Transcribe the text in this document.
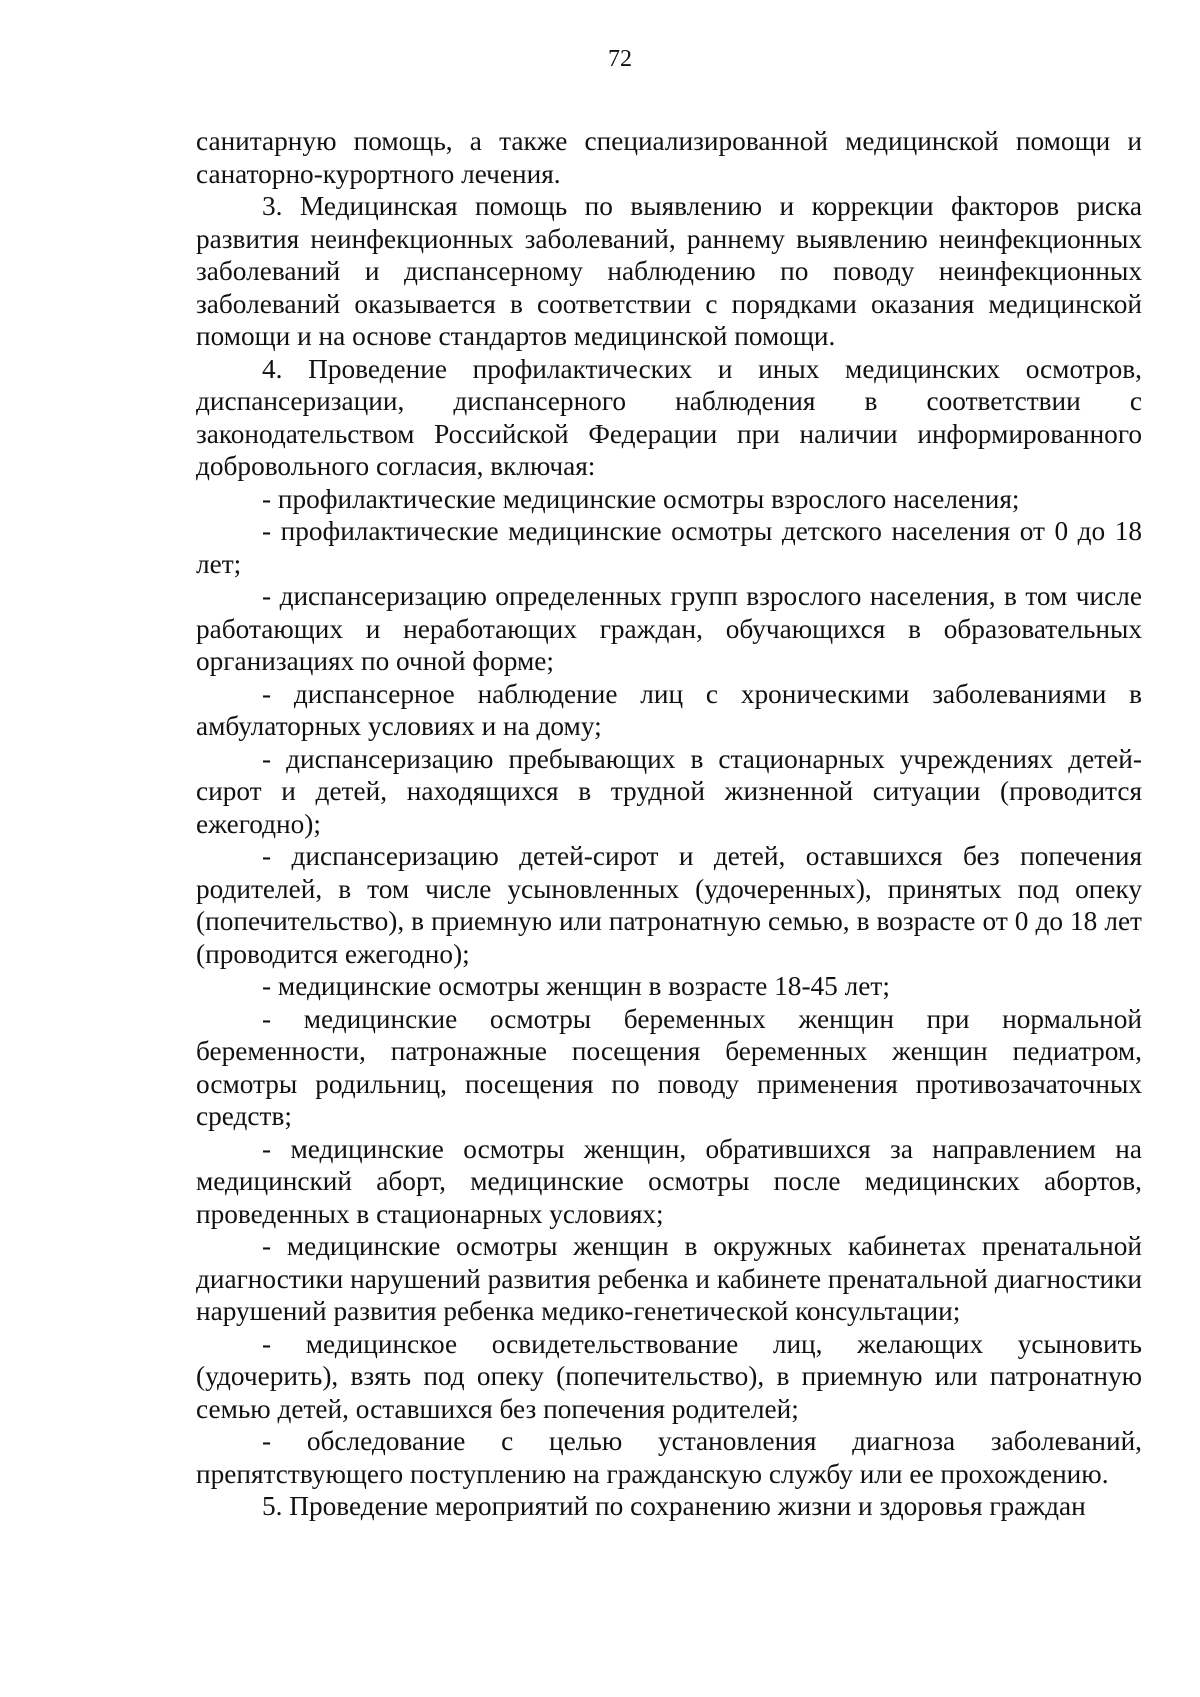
72

санитарную помощь, а также специализированной медицинской помощи и санаторно-курортного лечения.

3. Медицинская помощь по выявлению и коррекции факторов риска развития неинфекционных заболеваний, раннему выявлению неинфекционных заболеваний и диспансерному наблюдению по поводу неинфекционных заболеваний оказывается в соответствии с порядками оказания медицинской помощи и на основе стандартов медицинской помощи.

4. Проведение профилактических и иных медицинских осмотров, диспансеризации, диспансерного наблюдения в соответствии с законодательством Российской Федерации при наличии информированного добровольного согласия, включая:

- профилактические медицинские осмотры взрослого населения;

- профилактические медицинские осмотры детского населения от 0 до 18 лет;

- диспансеризацию определенных групп взрослого населения, в том числе работающих и неработающих граждан, обучающихся в образовательных организациях по очной форме;

- диспансерное наблюдение лиц с хроническими заболеваниями в амбулаторных условиях и на дому;

- диспансеризацию пребывающих в стационарных учреждениях детей-сирот и детей, находящихся в трудной жизненной ситуации (проводится ежегодно);

- диспансеризацию детей-сирот и детей, оставшихся без попечения родителей, в том числе усыновленных (удочеренных), принятых под опеку (попечительство), в приемную или патронатную семью, в возрасте от 0 до 18 лет (проводится ежегодно);

- медицинские осмотры женщин в возрасте 18-45 лет;

- медицинские осмотры беременных женщин при нормальной беременности, патронажные посещения беременных женщин педиатром, осмотры родильниц, посещения по поводу применения противозачаточных средств;

- медицинские осмотры женщин, обратившихся за направлением на медицинский аборт, медицинские осмотры после медицинских абортов, проведенных в стационарных условиях;

- медицинские осмотры женщин в окружных кабинетах пренатальной диагностики нарушений развития ребенка и кабинете пренатальной диагностики нарушений развития ребенка медико-генетической консультации;

- медицинское освидетельствование лиц, желающих усыновить (удочерить), взять под опеку (попечительство), в приемную или патронатную семью детей, оставшихся без попечения родителей;

- обследование с целью установления диагноза заболеваний, препятствующего поступлению на гражданскую службу или ее прохождению.

5. Проведение мероприятий по сохранению жизни и здоровья граждан
